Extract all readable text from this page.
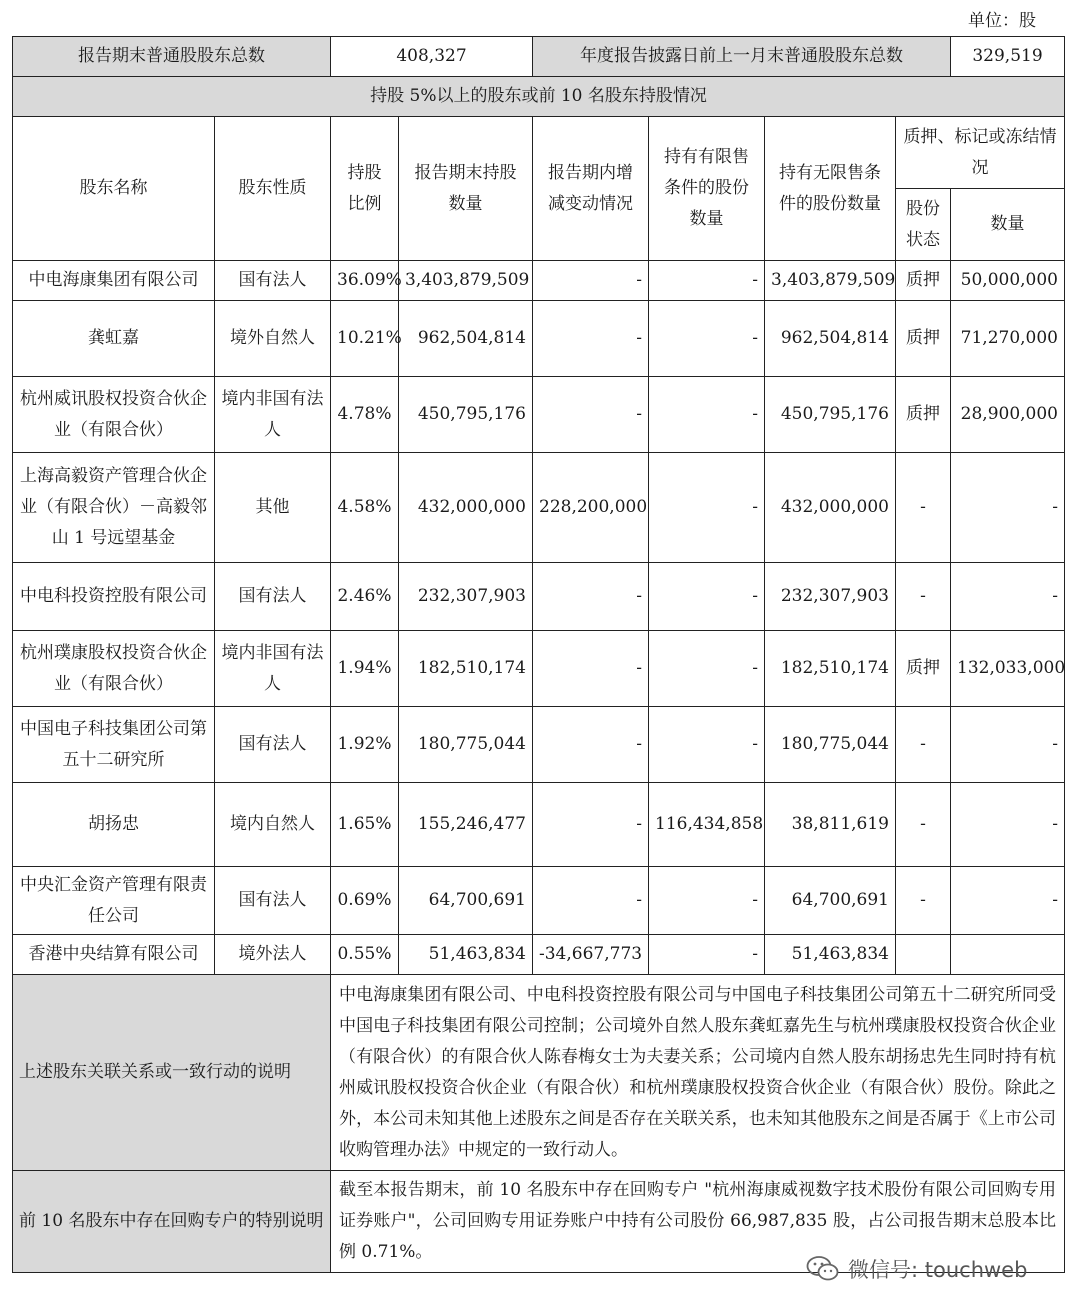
单位：股
报告期末普通股股东总数		408,327		年度报告披露日前上一月末普通股股东总数				329,519
持股 5%以上的股东或前 10 名股东持股情况								
股东名称	股东性质	持股比例	报告期末持股数量	报告期内增减变动情况	持有有限售条件的股份数量	持有无限售条件的股份数量	质押、标记或冻结情况	
							股份状态	数量
中电海康集团有限公司	国有法人	36.09%	3,403,879,509	-	-	3,403,879,509	质押	50,000,000
龚虹嘉	境外自然人	10.21%	962,504,814	-	-	962,504,814	质押	71,270,000
杭州威讯股权投资合伙企业（有限合伙）	境内非国有法人	4.78%	450,795,176	-	-	450,795,176	质押	28,900,000
上海高毅资产管理合伙企业（有限合伙）－高毅邻山 1 号远望基金	其他	4.58%	432,000,000	228,200,000	-	432,000,000	-	-
中电科投资控股有限公司	国有法人	2.46%	232,307,903	-	-	232,307,903	-	-
杭州璞康股权投资合伙企业（有限合伙）	境内非国有法人	1.94%	182,510,174	-	-	182,510,174	质押	132,033,000
中国电子科技集团公司第五十二研究所	国有法人	1.92%	180,775,044	-	-	180,775,044	-	-
胡扬忠	境内自然人	1.65%	155,246,477	-	116,434,858	38,811,619	-	-
中央汇金资产管理有限责任公司	国有法人	0.69%	64,700,691	-	-	64,700,691	-	-
香港中央结算有限公司	境外法人	0.55%	51,463,834	-34,667,773	-	51,463,834		
上述股东关联关系或一致行动的说明		中电海康集团有限公司、中电科投资控股有限公司与中国电子科技集团公司第五十二研究所同受中国电子科技集团有限公司控制；公司境外自然人股东龚虹嘉先生与杭州璞康股权投资合伙企业（有限合伙）的有限合伙人陈春梅女士为夫妻关系；公司境内自然人股东胡扬忠先生同时持有杭州威讯股权投资合伙企业（有限合伙）和杭州璞康股权投资合伙企业（有限合伙）股份。除此之外，本公司未知其他上述股东之间是否存在关联关系，也未知其他股东之间是否属于《上市公司收购管理办法》中规定的一致行动人。						
前 10 名股东中存在回购专户的特别说明		截至本报告期末，前 10 名股东中存在回购专户 "杭州海康威视数字技术股份有限公司回购专用证券账户"，公司回购专用证券账户中持有公司股份 66,987,835 股，占公司报告期末总股本比例 0.71%。						
微信号: touchweb
